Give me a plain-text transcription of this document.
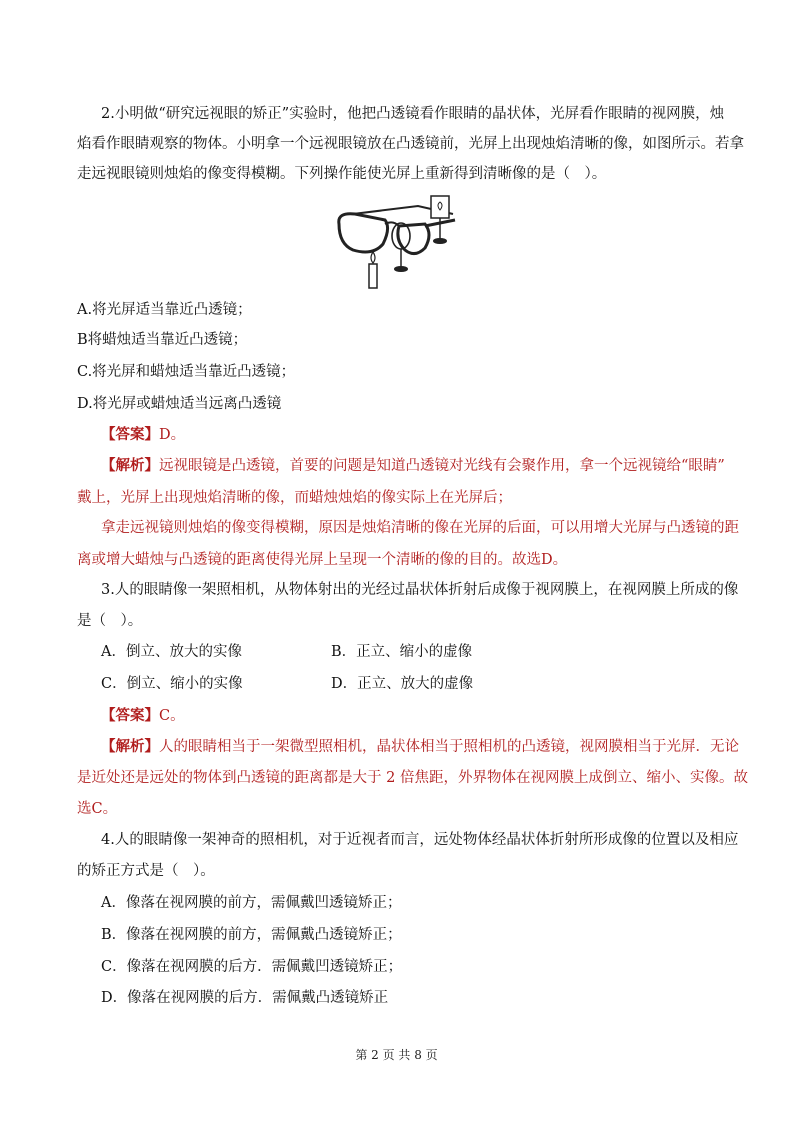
2.小明做“研究远视眼的矫正”实验时，他把凸透镜看作眼睛的晶状体，光屏看作眼睛的视网膜，烛
焰看作眼睛观察的物体。小明拿一个远视眼镜放在凸透镜前，光屏上出现烛焰清晰的像，如图所示。若拿
走远视眼镜则烛焰的像变得模糊。下列操作能使光屏上重新得到清晰像的是（　）。
A.将光屏适当靠近凸透镜；
B将蜡烛适当靠近凸透镜；
C.将光屏和蜡烛适当靠近凸透镜；
D.将光屏或蜡烛适当远离凸透镜
【答案】D。
【解析】远视眼镜是凸透镜，首要的问题是知道凸透镜对光线有会聚作用，拿一个远视镜给“眼睛”
戴上，光屏上出现烛焰清晰的像，而蜡烛烛焰的像实际上在光屏后；
拿走远视镜则烛焰的像变得模糊，原因是烛焰清晰的像在光屏的后面，可以用增大光屏与凸透镜的距
离或增大蜡烛与凸透镜的距离使得光屏上呈现一个清晰的像的目的。故选D。
3.人的眼睛像一架照相机，从物体射出的光经过晶状体折射后成像于视网膜上，在视网膜上所成的像
是（　）。
A．倒立、放大的实像	B．正立、缩小的虚像
C．倒立、缩小的实像	D．正立、放大的虚像
【答案】C。
【解析】人的眼睛相当于一架微型照相机，晶状体相当于照相机的凸透镜，视网膜相当于光屏．无论
是近处还是远处的物体到凸透镜的距离都是大于 2 倍焦距，外界物体在视网膜上成倒立、缩小、实像。故
选C。
4.人的眼睛像一架神奇的照相机，对于近视者而言，远处物体经晶状体折射所形成像的位置以及相应
的矫正方式是（　）。
A．像落在视网膜的前方，需佩戴凹透镜矫正；
B．像落在视网膜的前方，需佩戴凸透镜矫正；
C．像落在视网膜的后方．需佩戴凹透镜矫正；
D．像落在视网膜的后方．需佩戴凸透镜矫正
第 2 页 共 8 页
